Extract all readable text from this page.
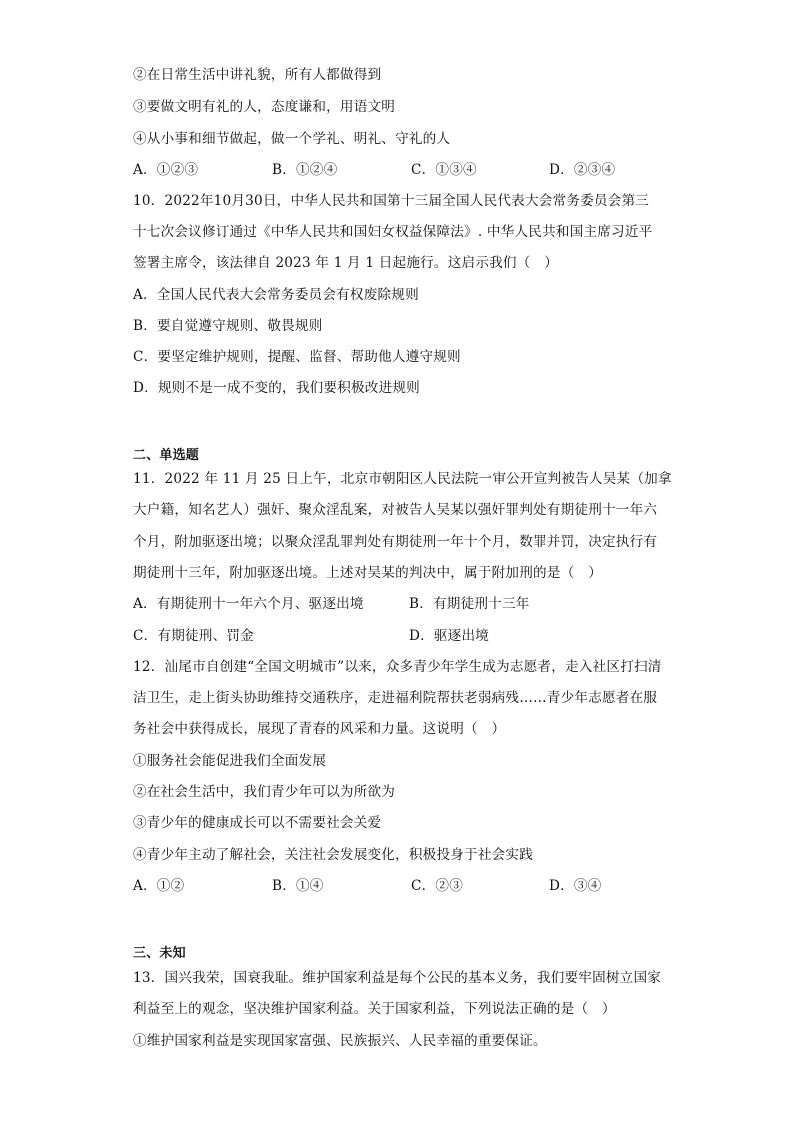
②在日常生活中讲礼貌，所有人都做得到
③要做文明有礼的人，态度谦和，用语文明
④从小事和细节做起，做一个学礼、明礼、守礼的人
A．①②③	B．①②④	C．①③④	D．②③④
10．2022年10月30日，中华人民共和国第十三届全国人民代表大会常务委员会第三
十七次会议修订通过《中华人民共和国妇女权益保障法》. 中华人民共和国主席习近平
签署主席令，该法律自 2023 年 1 月 1 日起施行。这启示我们（　）
A．全国人民代表大会常务委员会有权废除规则
B．要自觉遵守规则、敬畏规则
C．要坚定维护规则，提醒、监督、帮助他人遵守规则
D．规则不是一成不变的，我们要积极改进规则
二、单选题
11．2022 年 11 月 25 日上午，北京市朝阳区人民法院一审公开宣判被告人吴某（加拿
大户籍，知名艺人）强奸、聚众淫乱案，对被告人吴某以强奸罪判处有期徒刑十一年六
个月，附加驱逐出境；以聚众淫乱罪判处有期徒刑一年十个月，数罪并罚，决定执行有
期徒刑十三年，附加驱逐出境。上述对吴某的判决中，属于附加刑的是（　）
A．有期徒刑十一年六个月、驱逐出境	B．有期徒刑十三年
C．有期徒刑、罚金	D．驱逐出境
12．汕尾市自创建“全国文明城市”以来，众多青少年学生成为志愿者，走入社区打扫清
洁卫生，走上街头协助维持交通秩序，走进福利院帮扶老弱病残……青少年志愿者在服
务社会中获得成长，展现了青春的风采和力量。这说明（　）
①服务社会能促进我们全面发展
②在社会生活中，我们青少年可以为所欲为
③青少年的健康成长可以不需要社会关爱
④青少年主动了解社会，关注社会发展变化，积极投身于社会实践
A．①②	B．①④	C．②③	D．③④
三、未知
13．国兴我荣，国衰我耻。维护国家利益是每个公民的基本义务，我们要牢固树立国家
利益至上的观念，坚决维护国家利益。关于国家利益，下列说法正确的是（　）
①维护国家利益是实现国家富强、民族振兴、人民幸福的重要保证。
